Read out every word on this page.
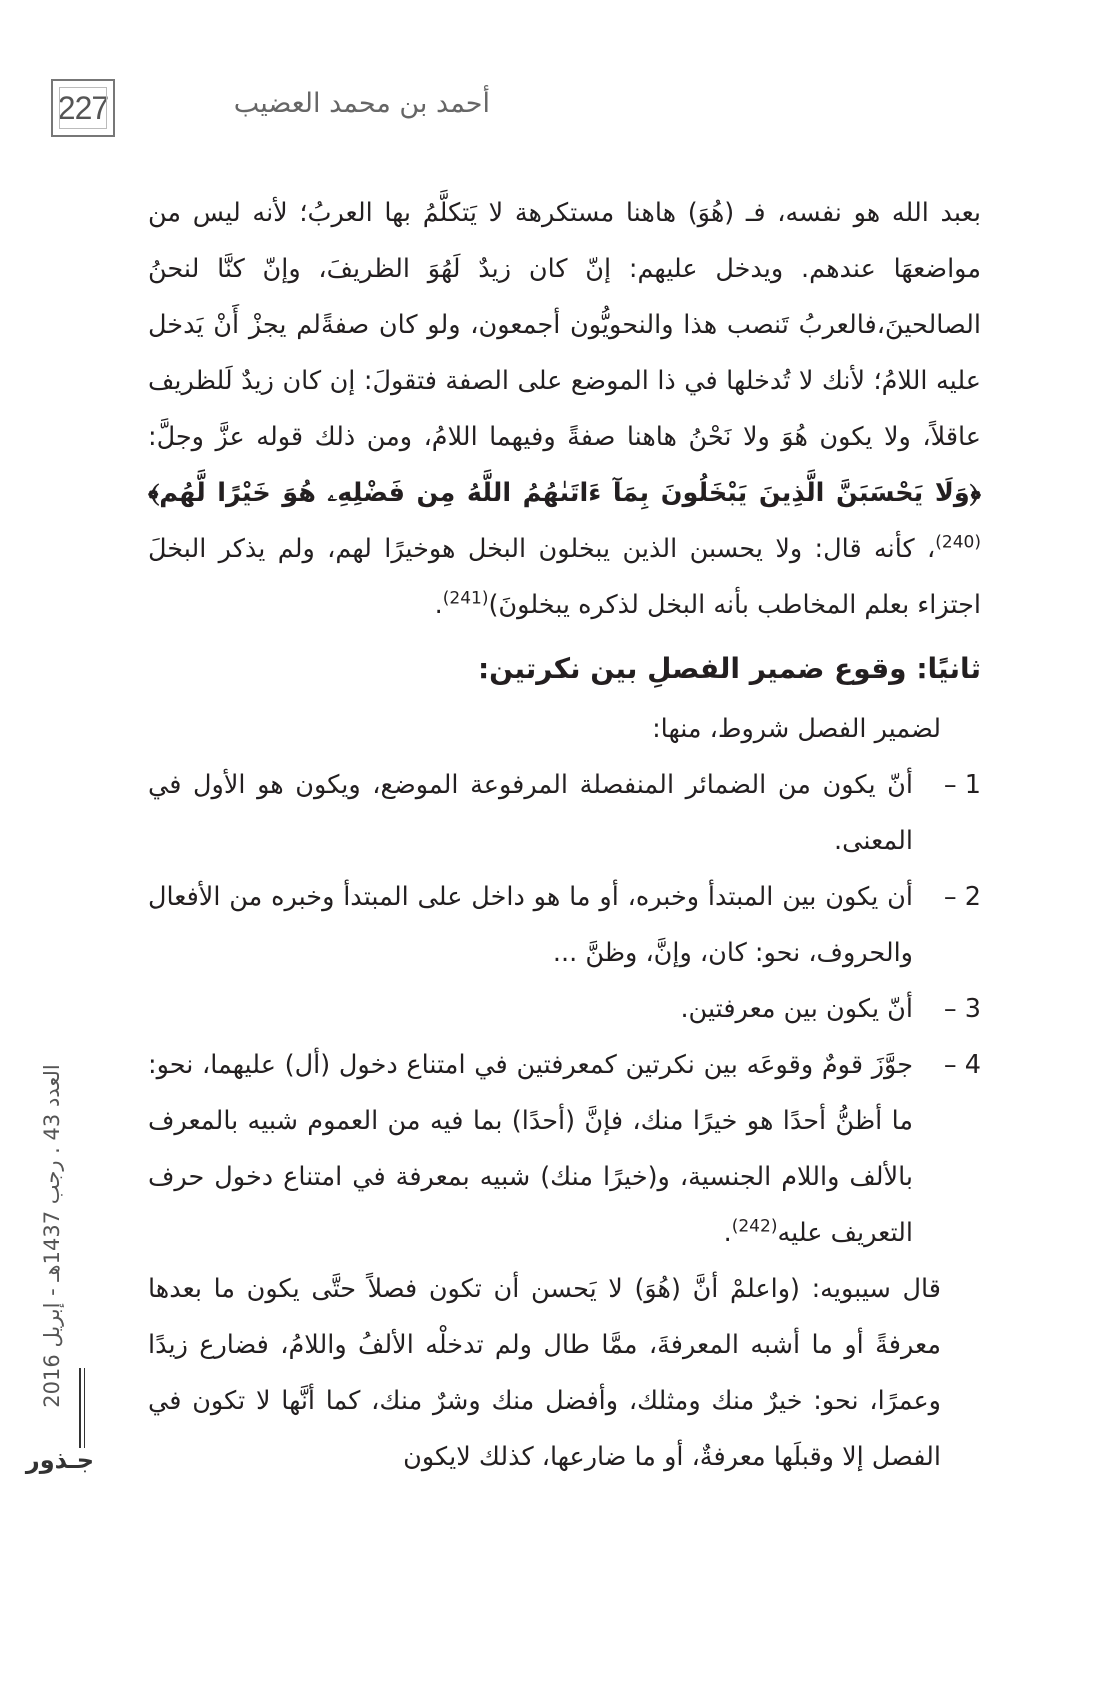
227	أحمد بن محمد العضيب

بعبد الله هو نفسه، فـ (هُوَ) هاهنا مستكرهة لا يَتكلَّمُ بها العربُ؛ لأنه ليس من مواضعهَا عندهم. ويدخل عليهم: إنّ كان زيدٌ لَهُوَ الظريفَ، وإنّ كنَّا لنحنُ الصالحينَ،فالعربُ تَنصب هذا والنحويُّون أجمعون، ولو كان صفةًلم يجزْ أَنْ يَدخل عليه اللامُ؛ لأنك لا تُدخلها في ذا الموضع على الصفة فتقولَ: إن كان زيدٌ لَلظريف عاقلاً، ولا يكون هُوَ ولا نَحْنُ هاهنا صفةً وفيهما اللامُ، ومن ذلك قوله عزَّ وجلَّ: ﴿وَلَا يَحْسَبَنَّ الَّذِينَ يَبْخَلُونَ بِمَآ ءَاتَىٰهُمُ اللَّهُ مِن فَضْلِهِۦ هُوَ خَيْرًا لَّهُم﴾$^{(240)}$، كأنه قال: ولا يحسبن الذين يبخلون البخل هوخيرًا لهم، ولم يذكر البخلَ اجتزاء بعلم المخاطب بأنه البخل لذكره يبخلونَ)$^{(241)}$.

ثانيًا: وقوع ضمير الفصلِ بين نكرتين:

لضمير الفصل شروط، منها:

1 –
أنّ يكون من الضمائر المنفصلة المرفوعة الموضع، ويكون هو الأول في المعنى.
2 –
أن يكون بين المبتدأ وخبره، أو ما هو داخل على المبتدأ وخبره من الأفعال والحروف، نحو: كان، وإنَّ، وظنَّ ...
3 –
أنّ يكون بين معرفتين.
4 –
جوَّزَ قومٌ وقوعَه بين نكرتين كمعرفتين في امتناع دخول (أل) عليهما، نحو: ما أظنُّ أحدًا هو خيرًا منك، فإنَّ (أحدًا) بما فيه من العموم شبيه بالمعرف بالألف واللام الجنسية، و(خيرًا منك) شبيه بمعرفة في امتناع دخول حرف التعريف عليه$^{(242)}$.

قال سيبويه: (واعلمْ أنَّ (هُوَ) لا يَحسن أن تكون فصلاً حتَّى يكون ما بعدها معرفةً أو ما أشبه المعرفةَ، ممَّا طال ولم تدخلْه الألفُ واللامُ، فضارع زيدًا وعمرًا، نحو: خيرٌ منك ومثلك، وأفضل منك وشرٌ منك، كما أنَّها لا تكون في الفصل إلا وقبلَها معرفةٌ، أو ما ضارعها، كذلك لايكون

العدد 43 . رجب 1437هـ - إبريل 2016
جـذور
